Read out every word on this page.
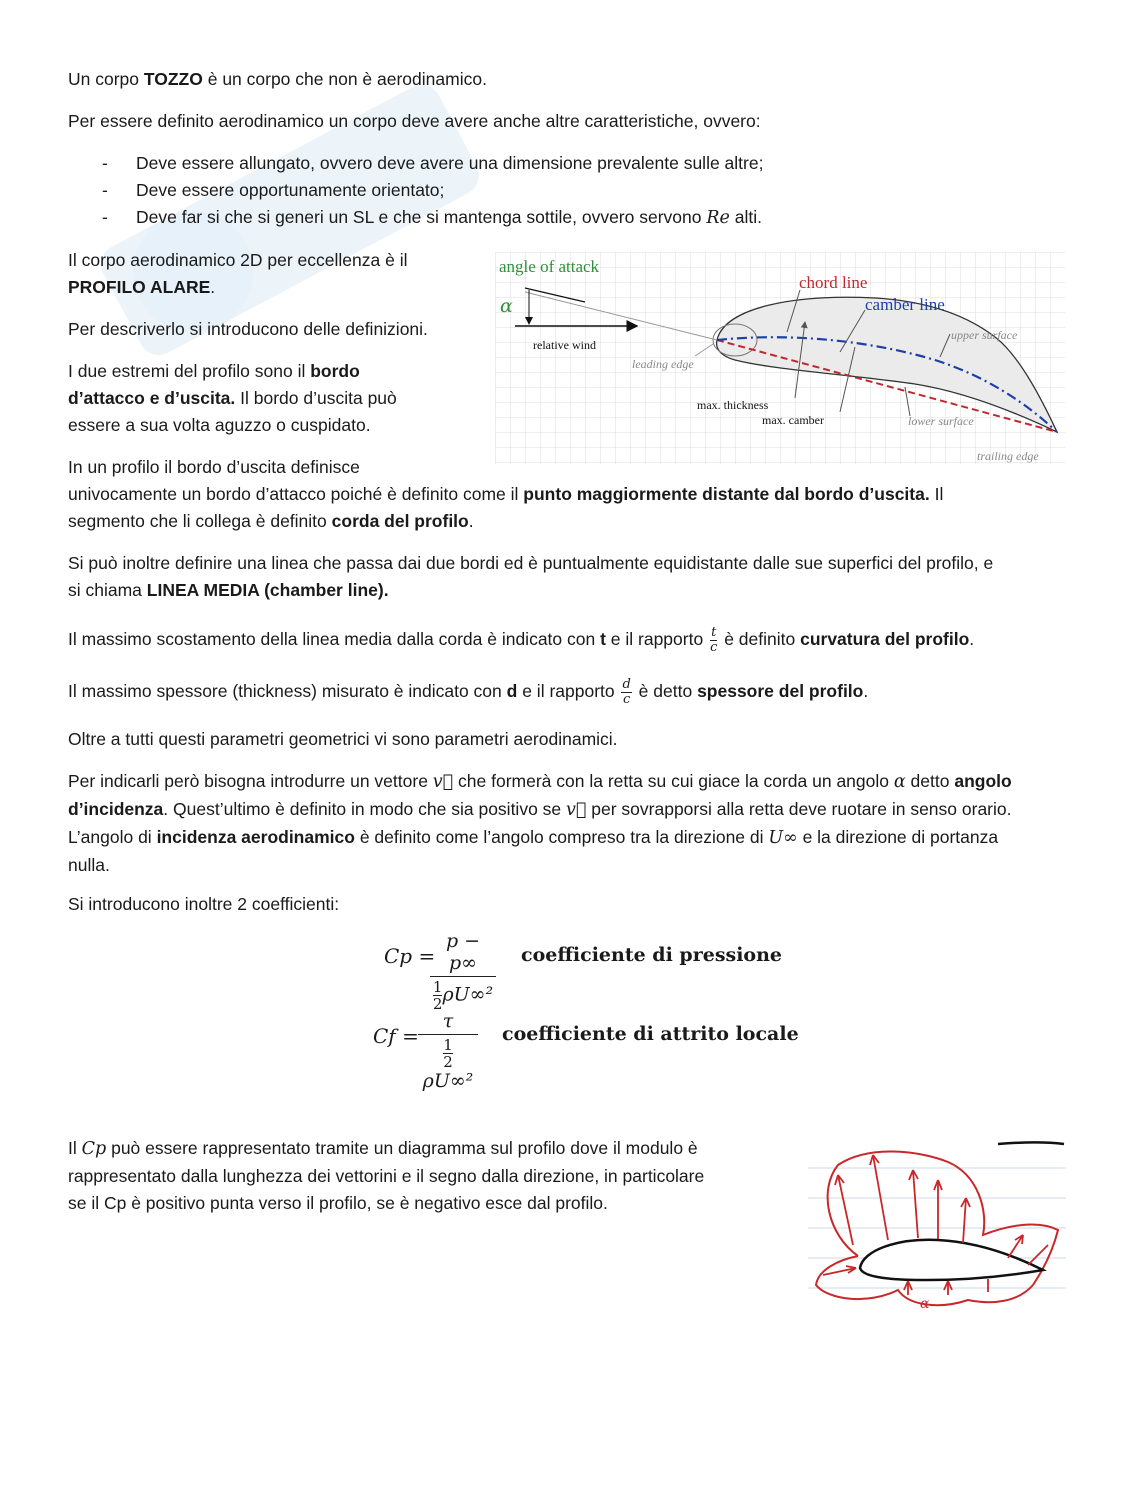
Un corpo TOZZO è un corpo che non è aerodinamico.

Per essere definito aerodinamico un corpo deve avere anche altre caratteristiche, ovvero:

- Deve essere allungato, ovvero deve avere una dimensione prevalente sulle altre;
- Deve essere opportunamente orientato;
- Deve far si che si generi un SL e che si mantenga sottile, ovvero servono Re alti.

Il corpo aerodinamico 2D per eccellenza è il
PROFILO ALARE.

Per descriverlo si introducono delle definizioni.

I due estremi del profilo sono il bordo
d’attacco e d’uscita. Il bordo d’uscita può
essere a sua volta aguzzo o cuspidato.

In un profilo il bordo d’uscita definisce
univocamente un bordo d’attacco poiché è definito come il punto maggiormente distante dal bordo d’uscita. Il
segmento che li collega è definito corda del profilo.

Si può inoltre definire una linea che passa dai due bordi ed è puntualmente equidistante dalle sue superfici del profilo, e
si chiama LINEA MEDIA (chamber line).

Il massimo scostamento della linea media dalla corda è indicato con t e il rapporto $\frac{t}{c}$ è definito curvatura del profilo.

Il massimo spessore (thickness) misurato è indicato con d e il rapporto $\frac{d}{c}$ è detto spessore del profilo.

Oltre a tutti questi parametri geometrici vi sono parametri aerodinamici.

Per indicarli però bisogna introdurre un vettore v⃗ che formerà con la retta su cui giace la corda un angolo α detto angolo
d’incidenza. Quest’ultimo è definito in modo che sia positivo se v⃗ per sovrapporsi alla retta deve ruotare in senso orario.
L’angolo di incidenza aerodinamico è definito come l’angolo compreso tra la direzione di U∞ e la direzione di portanza
nulla.

Si introducono inoltre 2 coefficienti:

Cp =
$\frac{p - p\infty}{\frac{1}{2} \rho U\infty^2}$ coefficiente di pressione
Cf = τ
$\frac{1}{2}$
ρU∞² coefficiente di attrito locale

Il Cp può essere rappresentato tramite un diagramma sul profilo dove il modulo è
rappresentato dalla lunghezza dei vettorini e il segno dalla direzione, in particolare
se il Cp è positivo punta verso il profilo, se è negativo esce dal profilo.

angle of attack
α
relative wind
chord line
camber line
upper surface
leading edge
max. thickness
max. camber	lower surface
trailing edge
α
